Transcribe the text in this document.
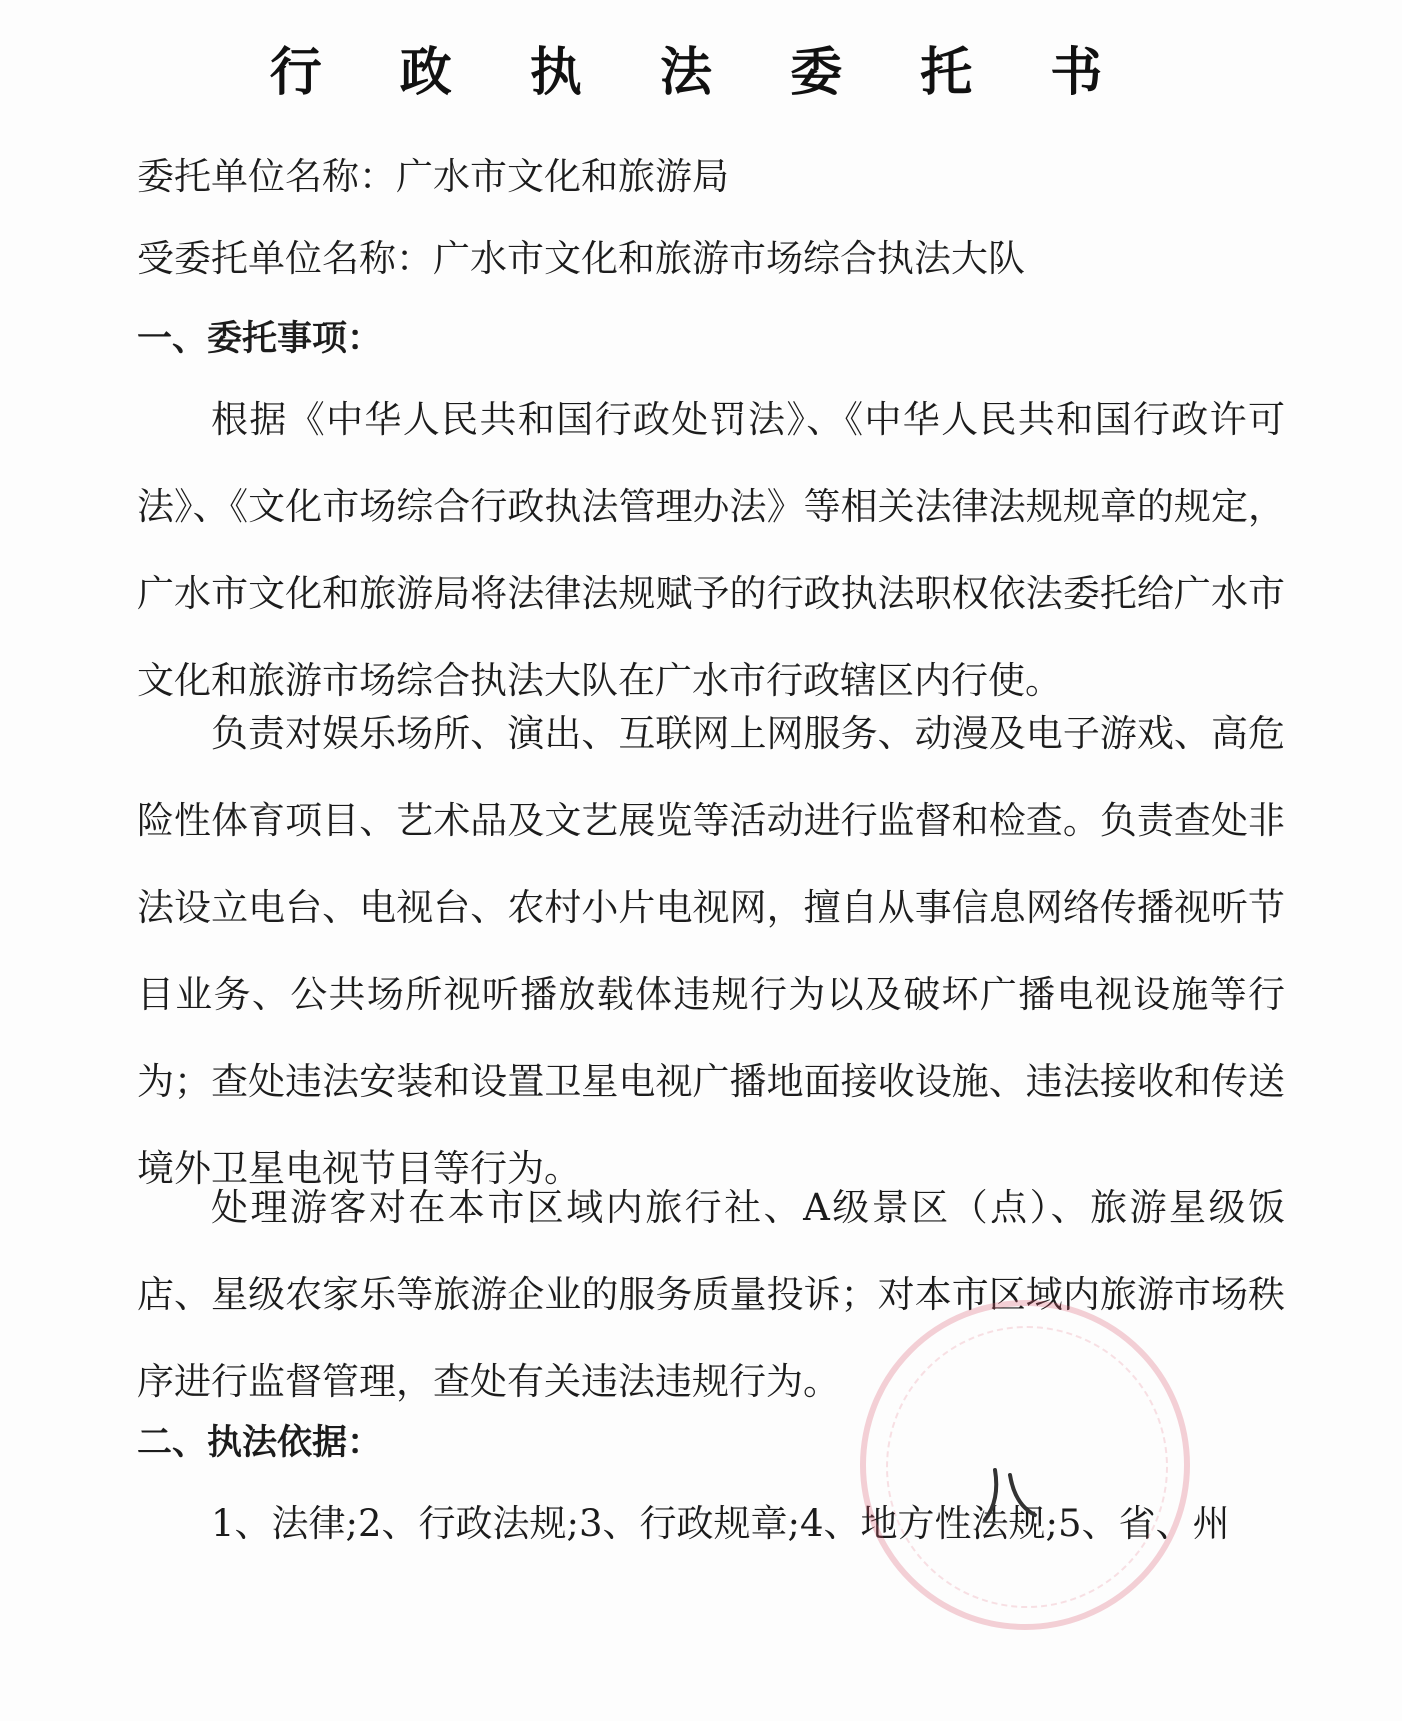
行 政 执 法 委 托 书
委托单位名称：广水市文化和旅游局
受委托单位名称：广水市文化和旅游市场综合执法大队
一、委托事项：
根据《中华人民共和国行政处罚法》、《中华人民共和国行政许可法》、《文化市场综合行政执法管理办法》等相关法律法规规章的规定，广水市文化和旅游局将法律法规赋予的行政执法职权依法委托给广水市文化和旅游市场综合执法大队在广水市行政辖区内行使。
负责对娱乐场所、演出、互联网上网服务、动漫及电子游戏、高危险性体育项目、艺术品及文艺展览等活动进行监督和检查。负责查处非法设立电台、电视台、农村小片电视网，擅自从事信息网络传播视听节目业务、公共场所视听播放载体违规行为以及破坏广播电视设施等行为；查处违法安装和设置卫星电视广播地面接收设施、违法接收和传送境外卫星电视节目等行为。
处理游客对在本市区域内旅行社、A级景区（点）、旅游星级饭店、星级农家乐等旅游企业的服务质量投诉；对本市区域内旅游市场秩序进行监督管理，查处有关违法违规行为。
二、执法依据：
1、法律;2、行政法规;3、行政规章;4、地方性法规;5、省、州
